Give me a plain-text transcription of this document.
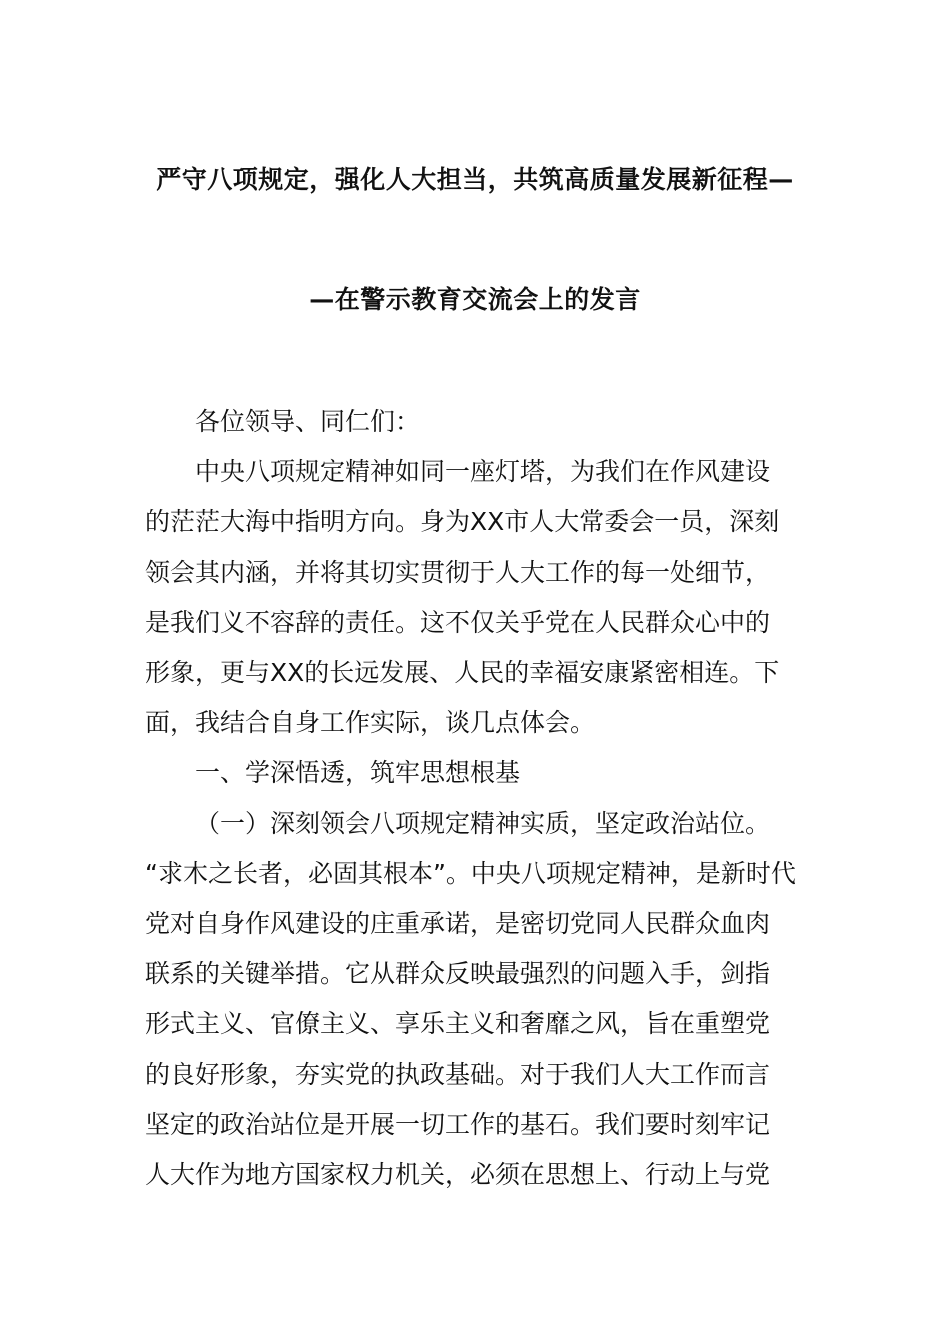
严守八项规定，强化人大担当，共筑高质量发展新征程—
—在警示教育交流会上的发言
各位领导、同仁们：
中央八项规定精神如同一座灯塔，为我们在作风建设
的茫茫大海中指明方向。身为XX市人大常委会一员，深刻
领会其内涵，并将其切实贯彻于人大工作的每一处细节，
是我们义不容辞的责任。这不仅关乎党在人民群众心中的
形象，更与XX的长远发展、人民的幸福安康紧密相连。下
面，我结合自身工作实际，谈几点体会。
一、学深悟透，筑牢思想根基
（一）深刻领会八项规定精神实质，坚定政治站位。
“求木之长者，必固其根本”。中央八项规定精神，是新时代
党对自身作风建设的庄重承诺，是密切党同人民群众血肉
联系的关键举措。它从群众反映最强烈的问题入手，剑指
形式主义、官僚主义、享乐主义和奢靡之风，旨在重塑党
的良好形象，夯实党的执政基础。对于我们人大工作而言
坚定的政治站位是开展一切工作的基石。我们要时刻牢记
人大作为地方国家权力机关，必须在思想上、行动上与党
